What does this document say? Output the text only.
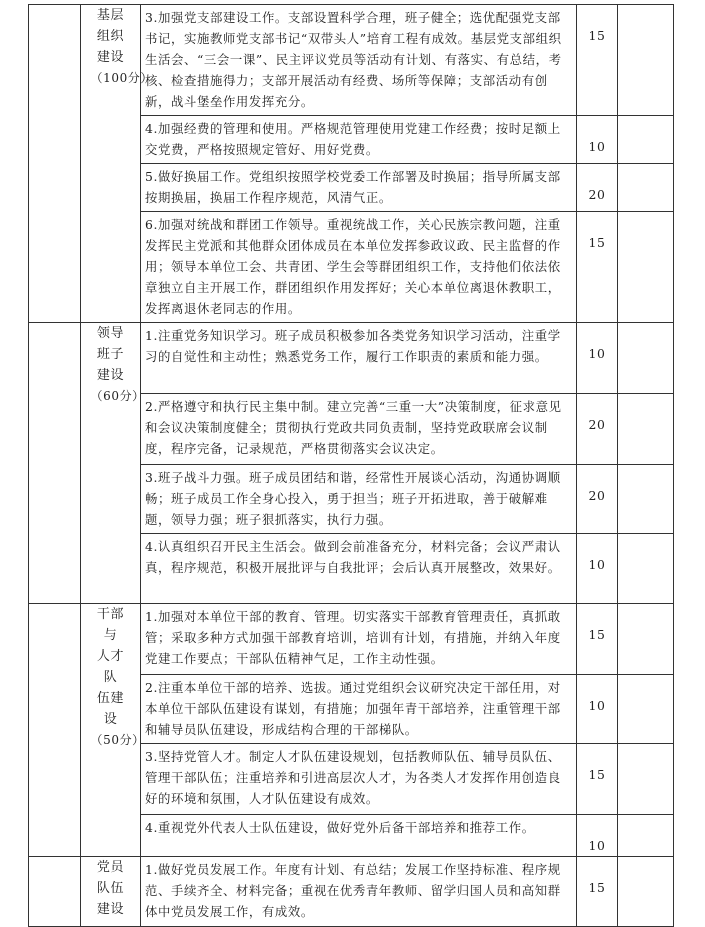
	基层
组织
建设
（100分）	3.加强党支部建设工作。支部设置科学合理，班子健全；选优配强党支部书记，实施教师党支部书记“双带头人”培育工程有成效。基层党支部组织生活会、“三会一课”、民主评议党员等活动有计划、有落实、有总结，考核、检查措施得力；支部开展活动有经费、场所等保障；支部活动有创新，战斗堡垒作用发挥充分。	15		
		4.加强经费的管理和使用。严格规范管理使用党建工作经费；按时足额上交党费，严格按照规定管好、用好党费。	10		
		5.做好换届工作。党组织按照学校党委工作部署及时换届；指导所属支部按期换届，换届工作程序规范，风清气正。	20		
		6.加强对统战和群团工作领导。重视统战工作，关心民族宗教问题，注重发挥民主党派和其他群众团体成员在本单位发挥参政议政、民主监督的作用；领导本单位工会、共青团、学生会等群团组织工作，支持他们依法依章独立自主开展工作，群团组织作用发挥好；关心本单位离退休教职工，发挥离退休老同志的作用。	15		

	领导
班子
建设
（60分）	1.注重党务知识学习。班子成员积极参加各类党务知识学习活动，注重学习的自觉性和主动性；熟悉党务工作，履行工作职责的素质和能力强。	10		
		2.严格遵守和执行民主集中制。建立完善“三重一大”决策制度，征求意见和会议决策制度健全；贯彻执行党政共同负责制，坚持党政联席会议制度，程序完备，记录规范，严格贯彻落实会议决定。	20		
		3.班子战斗力强。班子成员团结和谐，经常性开展谈心活动，沟通协调顺畅；班子成员工作全身心投入，勇于担当；班子开拓进取，善于破解难题，领导力强；班子狠抓落实，执行力强。	20		
		4.认真组织召开民主生活会。做到会前准备充分，材料完备；会议严肃认真，程序规范，积极开展批评与自我批评；会后认真开展整改，效果好。	10		

	干部与
人才队
伍建设
（50分）	1.加强对本单位干部的教育、管理。切实落实干部教育管理责任，真抓敢管；采取多种方式加强干部教育培训，培训有计划，有措施，并纳入年度党建工作要点；干部队伍精神气足，工作主动性强。	15		
		2.注重本单位干部的培养、选拔。通过党组织会议研究决定干部任用，对本单位干部队伍建设有谋划，有措施；加强年青干部培养，注重管理干部和辅导员队伍建设，形成结构合理的干部梯队。	10		
		3.坚持党管人才。制定人才队伍建设规划，包括教师队伍、辅导员队伍、管理干部队伍；注重培养和引进高层次人才，为各类人才发挥作用创造良好的环境和氛围，人才队伍建设有成效。	15		
		4.重视党外代表人士队伍建设，做好党外后备干部培养和推荐工作。	10		

	党员
队伍
建设	1.做好党员发展工作。年度有计划、有总结；发展工作坚持标准、程序规范、手续齐全、材料完备；重视在优秀青年教师、留学归国人员和高知群体中党员发展工作，有成效。	15		
